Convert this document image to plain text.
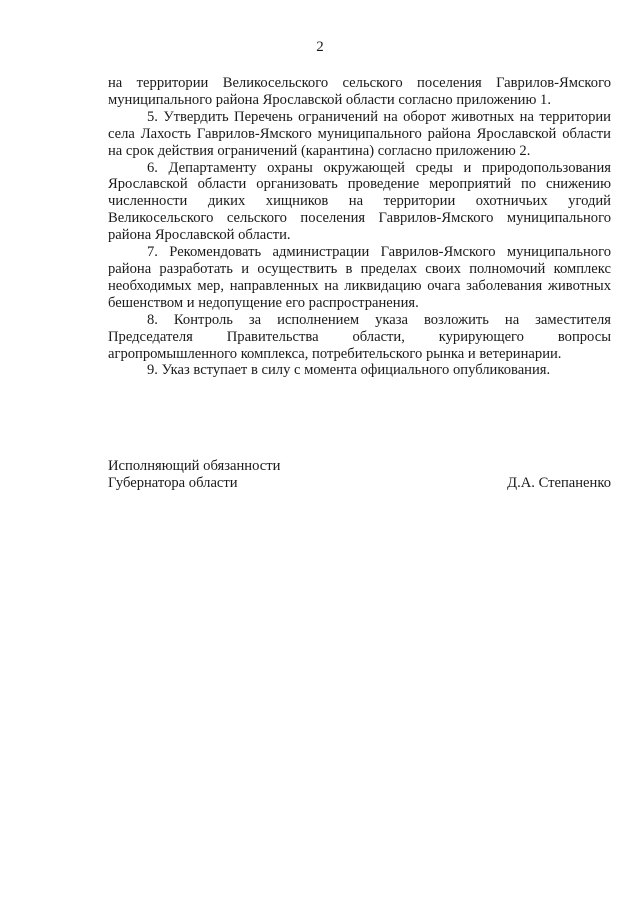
2

на территории Великосельского сельского поселения Гаврилов-Ямского муниципального района Ярославской области согласно приложению 1.

5. Утвердить Перечень ограничений на оборот животных на территории села Лахость Гаврилов-Ямского муниципального района Ярославской области на срок действия ограничений (карантина) согласно приложению 2.

6. Департаменту охраны окружающей среды и природопользования Ярославской области организовать проведение мероприятий по снижению численности диких хищников на территории охотничьих угодий Великосельского сельского поселения Гаврилов-Ямского муниципального района Ярославской области.

7. Рекомендовать администрации Гаврилов-Ямского муниципального района разработать и осуществить в пределах своих полномочий комплекс необходимых мер, направленных на ликвидацию очага заболевания животных бешенством и недопущение его распространения.

8. Контроль за исполнением указа возложить на заместителя Председателя Правительства области, курирующего вопросы агропромышленного комплекса, потребительского рынка и ветеринарии.

9. Указ вступает в силу с момента официального опубликования.

Исполняющий обязанности
Губернатора области	Д.А. Степаненко
